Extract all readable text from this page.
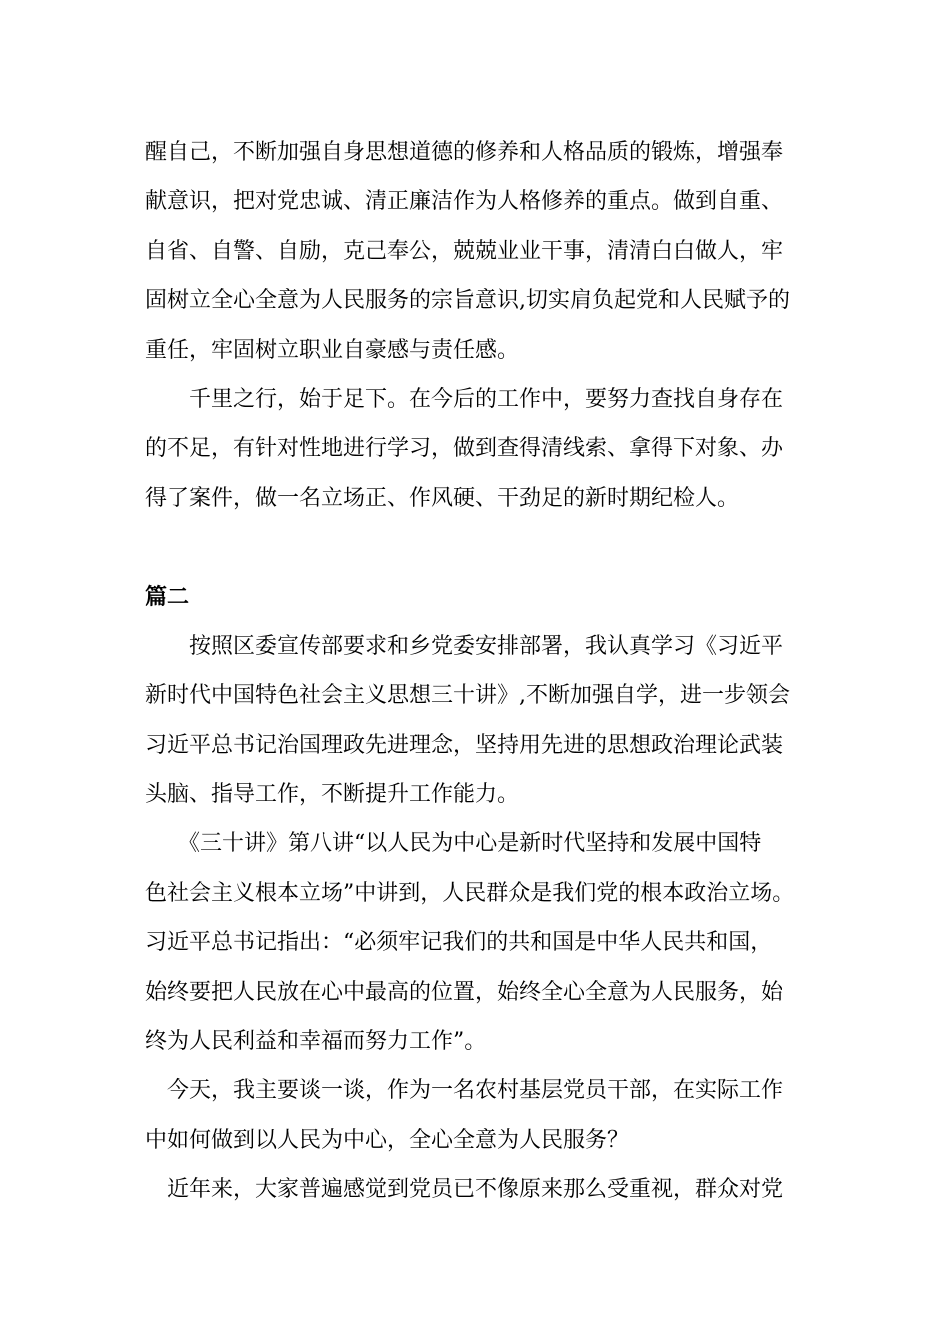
醒自己，不断加强自身思想道德的修养和人格品质的锻炼，增强奉
献意识，把对党忠诚、清正廉洁作为人格修养的重点。做到自重、
自省、自警、自励，克己奉公，兢兢业业干事，清清白白做人，牢
固树立全心全意为人民服务的宗旨意识,切实肩负起党和人民赋予的
重任，牢固树立职业自豪感与责任感。
千里之行，始于足下。在今后的工作中，要努力查找自身存在
的不足，有针对性地进行学习，做到查得清线索、拿得下对象、办
得了案件，做一名立场正、作风硬、干劲足的新时期纪检人。
篇二
按照区委宣传部要求和乡党委安排部署，我认真学习《习近平
新时代中国特色社会主义思想三十讲》,不断加强自学，进一步领会
习近平总书记治国理政先进理念，坚持用先进的思想政治理论武装
头脑、指导工作，不断提升工作能力。
《三十讲》第八讲“以人民为中心是新时代坚持和发展中国特
色社会主义根本立场”中讲到，人民群众是我们党的根本政治立场。
习近平总书记指出：“必须牢记我们的共和国是中华人民共和国，
始终要把人民放在心中最高的位置，始终全心全意为人民服务，始
终为人民利益和幸福而努力工作”。
今天，我主要谈一谈，作为一名农村基层党员干部，在实际工作
中如何做到以人民为中心，全心全意为人民服务？
近年来，大家普遍感觉到党员已不像原来那么受重视，群众对党
